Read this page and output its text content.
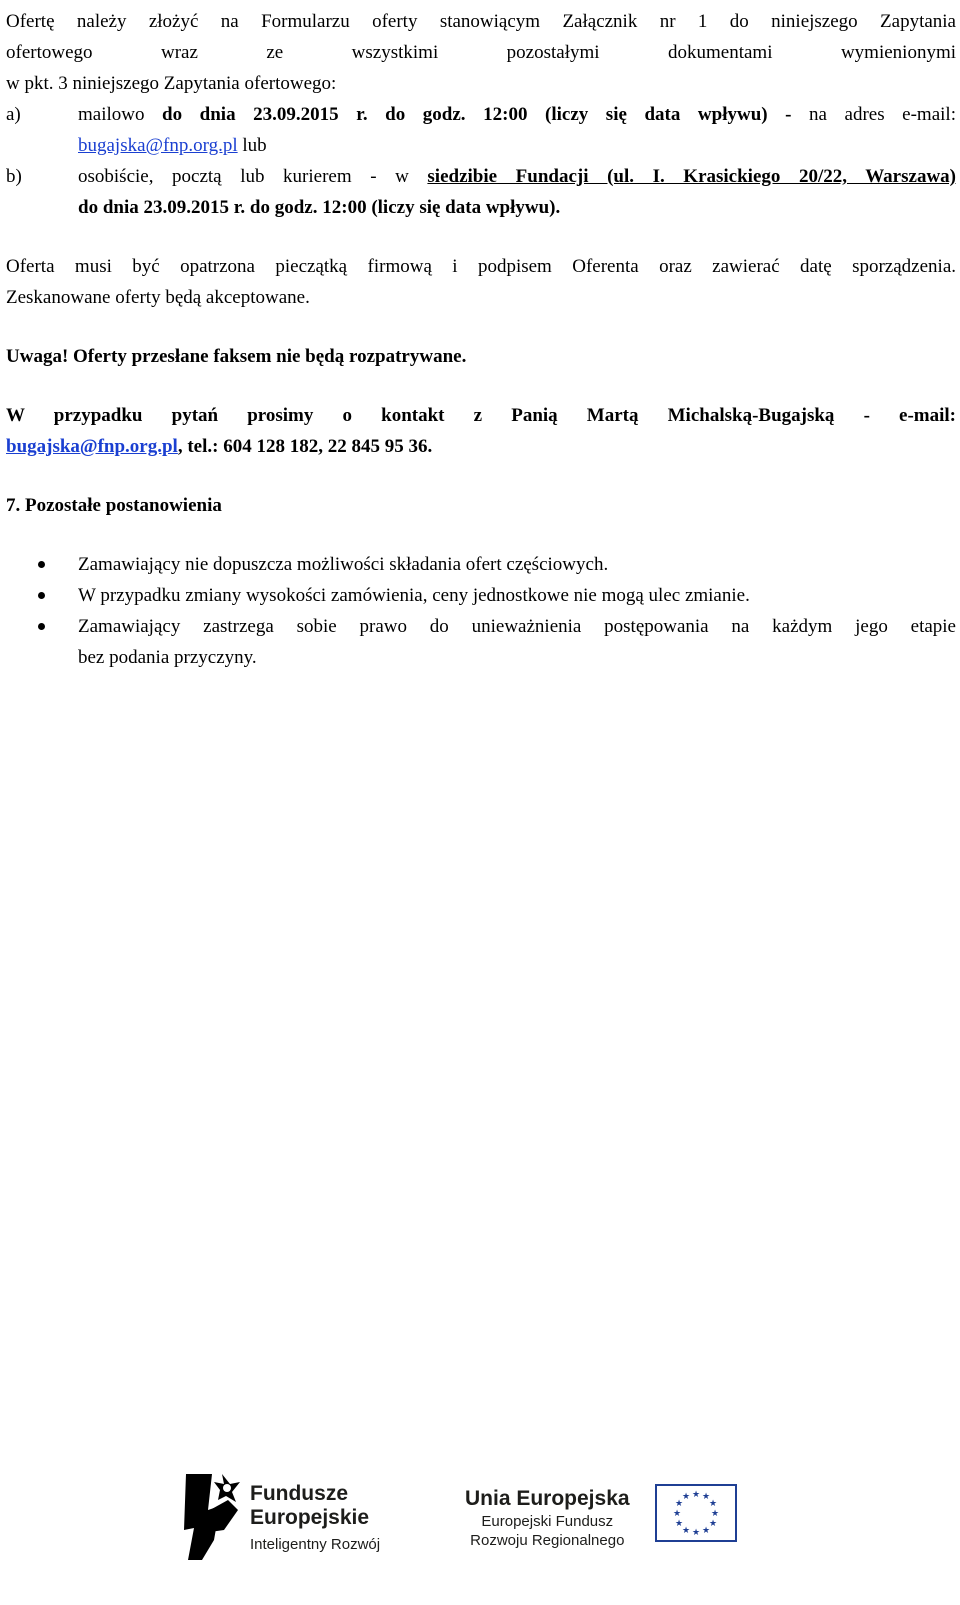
Ofertę należy złożyć na Formularzu oferty stanowiącym Załącznik nr 1 do niniejszego Zapytania

ofertowego wraz ze wszystkimi pozostałymi dokumentami wymienionymi

w pkt. 3 niniejszego Zapytania ofertowego:

a)	mailowo do dnia 23.09.2015 r. do godz. 12:00 (liczy się data wpływu) - na adres e-mail:
bugajska@fnp.org.pl lub
b)	osobiście, pocztą lub kurierem - w siedzibie Fundacji (ul. I. Krasickiego 20/22, Warszawa)
do dnia 23.09.2015 r. do godz. 12:00 (liczy się data wpływu).

Oferta musi być opatrzona pieczątką firmową i podpisem Oferenta oraz zawierać datę sporządzenia.

Zeskanowane oferty będą akceptowane.

Uwaga! Oferty przesłane faksem nie będą rozpatrywane.

W przypadku pytań prosimy o kontakt z Panią Martą Michalską-Bugajską - e-mail:

bugajska@fnp.org.pl, tel.: 604 128 182, 22 845 95 36.

7. Pozostałe postanowienia

Zamawiający nie dopuszcza możliwości składania ofert częściowych.
W przypadku zmiany wysokości zamówienia, ceny jednostkowe nie mogą ulec zmianie.
Zamawiający zastrzega sobie prawo do unieważnienia postępowania na każdym jego etapie
bez podania przyczyny.
Fundusze
Europejskie
Inteligentny Rozwój
Unia Europejska
Europejski Fundusz
Rozwoju Regionalnego
★ ★
★
★
★
★
★
★
★
★
★
★
